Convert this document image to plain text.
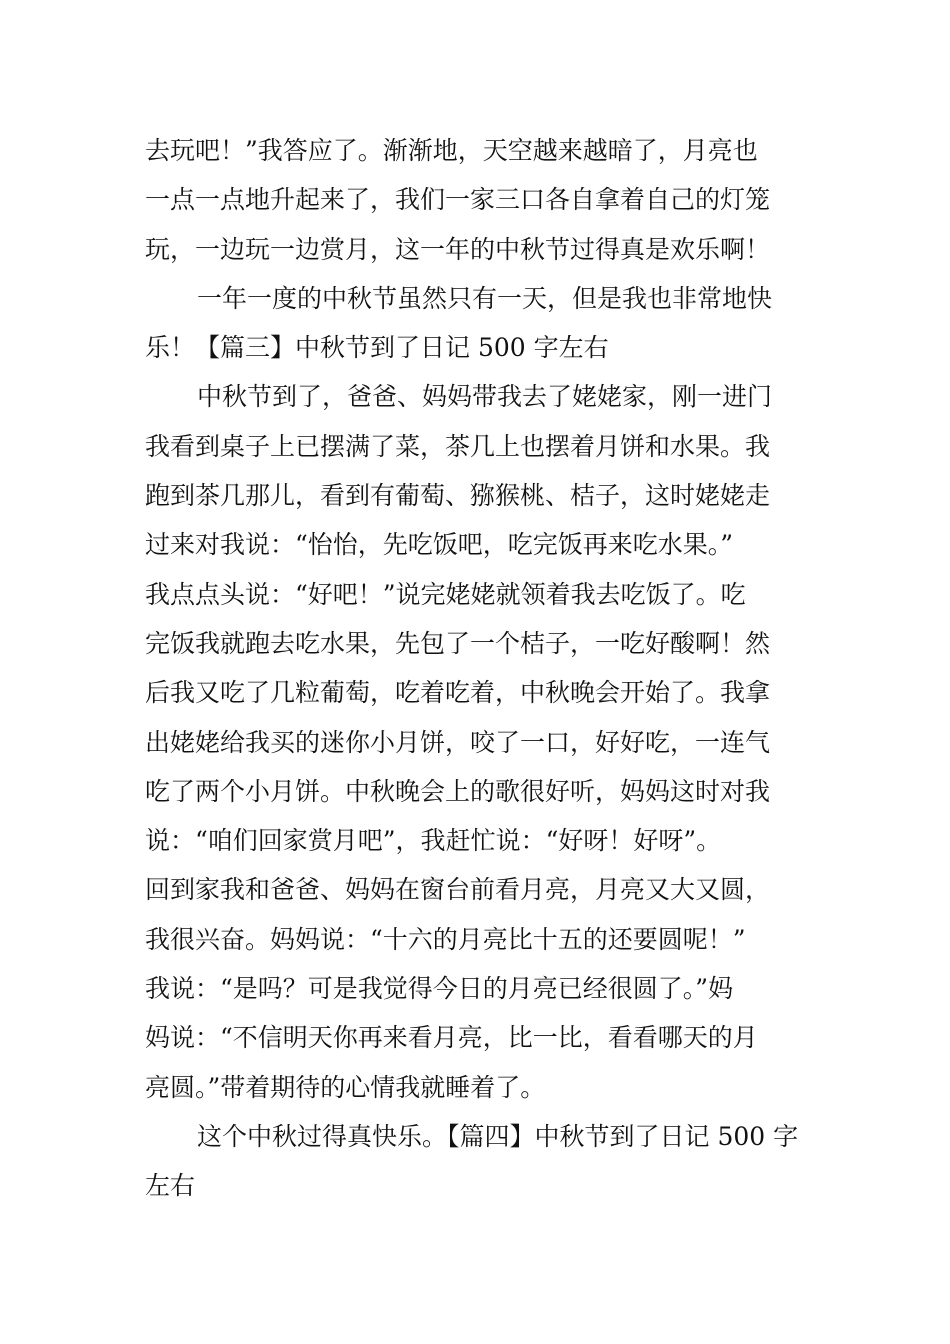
去玩吧！”我答应了。渐渐地，天空越来越暗了，月亮也
一点一点地升起来了，我们一家三口各自拿着自己的灯笼
玩，一边玩一边赏月，这一年的中秋节过得真是欢乐啊！
一年一度的中秋节虽然只有一天，但是我也非常地快
乐！【篇三】中秋节到了日记 500 字左右
中秋节到了，爸爸、妈妈带我去了姥姥家，刚一进门
我看到桌子上已摆满了菜，茶几上也摆着月饼和水果。我
跑到茶几那儿，看到有葡萄、猕猴桃、桔子，这时姥姥走
过来对我说：“怡怡，先吃饭吧，吃完饭再来吃水果。”
我点点头说：“好吧！”说完姥姥就领着我去吃饭了。吃
完饭我就跑去吃水果，先包了一个桔子，一吃好酸啊！然
后我又吃了几粒葡萄，吃着吃着，中秋晚会开始了。我拿
出姥姥给我买的迷你小月饼，咬了一口，好好吃，一连气
吃了两个小月饼。中秋晚会上的歌很好听，妈妈这时对我
说：“咱们回家赏月吧”，我赶忙说：“好呀！好呀”。
回到家我和爸爸、妈妈在窗台前看月亮，月亮又大又圆，
我很兴奋。妈妈说：“十六的月亮比十五的还要圆呢！”
我说：“是吗？可是我觉得今日的月亮已经很圆了。”妈
妈说：“不信明天你再来看月亮，比一比，看看哪天的月
亮圆。”带着期待的心情我就睡着了。
这个中秋过得真快乐。【篇四】中秋节到了日记 500 字
左右
